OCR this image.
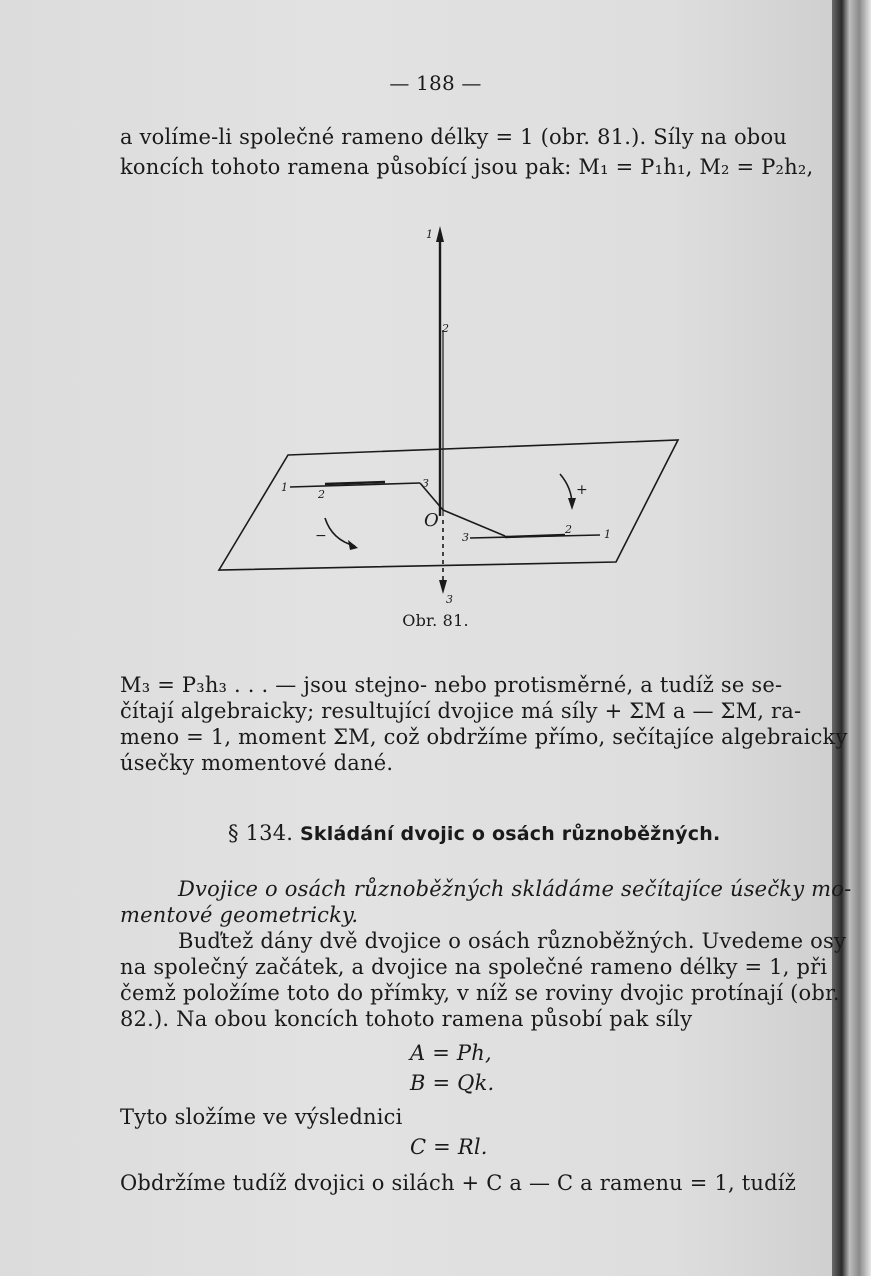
— 188 —
a volíme-li společné rameno délky = 1 (obr. 81.). Síly na obou
koncích tohoto ramena působící jsou pak: M₁ = P₁h₁, M₂ = P₂h₂,
1
2
3
1
2
3
3
2	1
O
+
−
Obr. 81.
M₃ = P₃h₃ . . . — jsou stejno- nebo protisměrné, a tudíž se se-
čítají algebraicky; resultující dvojice má síly + ΣM a — ΣM, ra-
meno = 1, moment ΣM, což obdržíme přímo, sečítajíce algebraicky
úsečky momentové dané.
§ 134. Skládání dvojic o osách různoběžných.
Dvojice o osách různoběžných skládáme sečítajíce úsečky mo-
mentové geometricky.
Buďtež dány dvě dvojice o osách různoběžných. Uvedeme osy
na společný začátek, a dvojice na společné rameno délky = 1, při
čemž položíme toto do přímky, v níž se roviny dvojic protínají (obr.
82.). Na obou koncích tohoto ramena působí pak síly
A = Ph,
B = Qk.
Tyto složíme ve výslednici
C = Rl.
Obdržíme tudíž dvojici o silách + C a — C a ramenu = 1, tudíž
